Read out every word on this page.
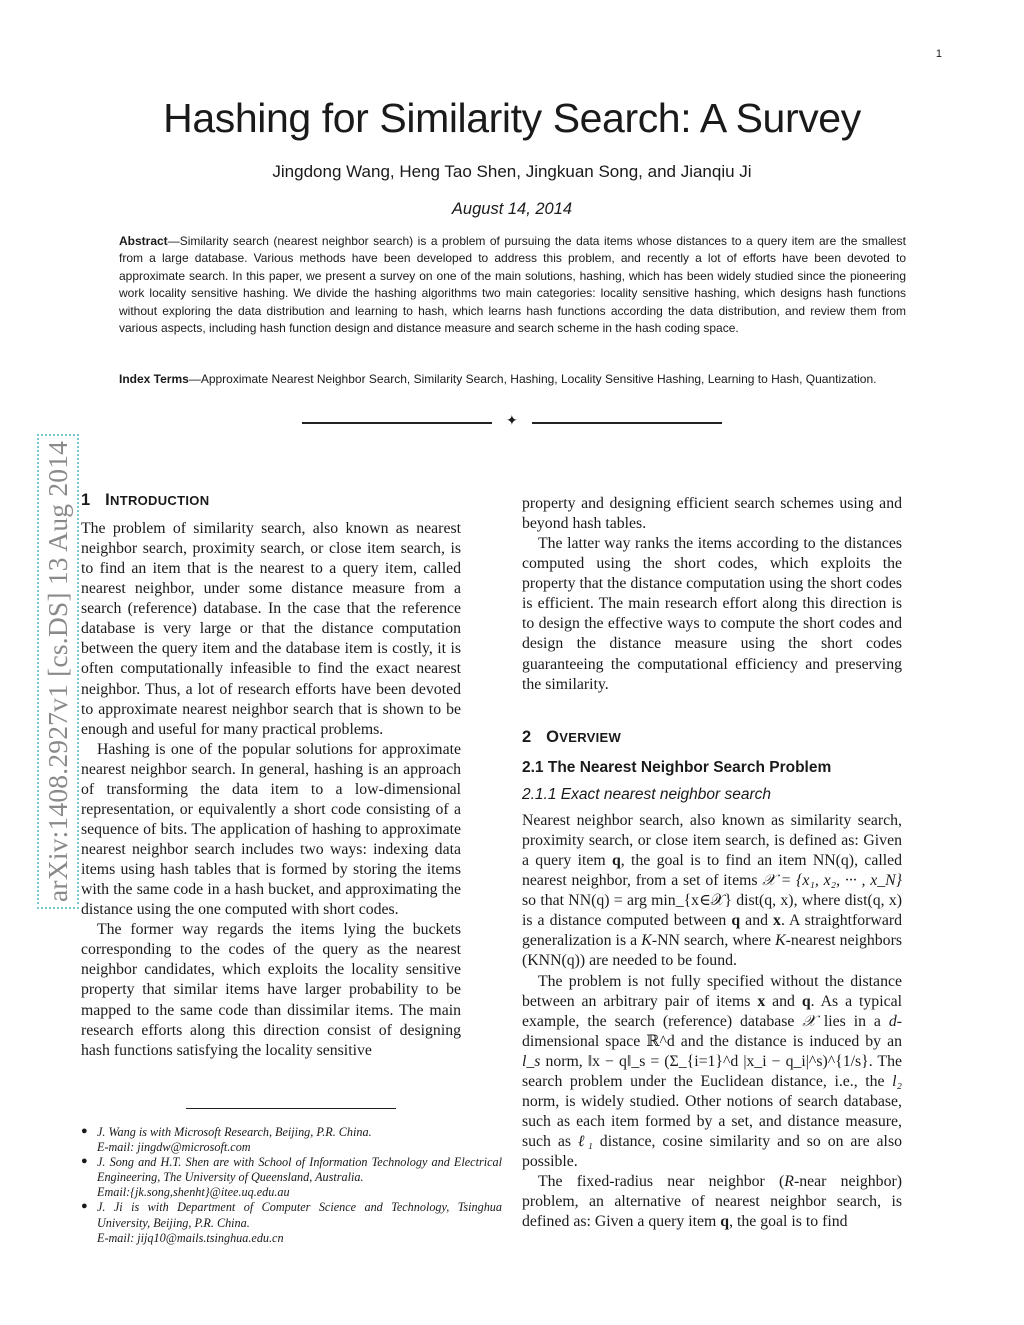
1
arXiv:1408.2927v1 [cs.DS] 13 Aug 2014
Hashing for Similarity Search: A Survey
Jingdong Wang, Heng Tao Shen, Jingkuan Song, and Jianqiu Ji
August 14, 2014
Abstract—Similarity search (nearest neighbor search) is a problem of pursuing the data items whose distances to a query item are the smallest from a large database. Various methods have been developed to address this problem, and recently a lot of efforts have been devoted to approximate search. In this paper, we present a survey on one of the main solutions, hashing, which has been widely studied since the pioneering work locality sensitive hashing. We divide the hashing algorithms two main categories: locality sensitive hashing, which designs hash functions without exploring the data distribution and learning to hash, which learns hash functions according the data distribution, and review them from various aspects, including hash function design and distance measure and search scheme in the hash coding space.
Index Terms—Approximate Nearest Neighbor Search, Similarity Search, Hashing, Locality Sensitive Hashing, Learning to Hash, Quantization.
✦
1 INTRODUCTION

The problem of similarity search, also known as nearest neighbor search, proximity search, or close item search, is to find an item that is the nearest to a query item, called nearest neighbor, under some distance measure from a search (reference) database. In the case that the reference database is very large or that the distance computation between the query item and the database item is costly, it is often computationally infeasible to find the exact nearest neighbor. Thus, a lot of research efforts have been devoted to approximate nearest neighbor search that is shown to be enough and useful for many practical problems.

Hashing is one of the popular solutions for approximate nearest neighbor search. In general, hashing is an approach of transforming the data item to a low-dimensional representation, or equivalently a short code consisting of a sequence of bits. The application of hashing to approximate nearest neighbor search includes two ways: indexing data items using hash tables that is formed by storing the items with the same code in a hash bucket, and approximating the distance using the one computed with short codes.

The former way regards the items lying the buckets corresponding to the codes of the query as the nearest neighbor candidates, which exploits the locality sensitive property that similar items have larger probability to be mapped to the same code than dissimilar items. The main research efforts along this direction consist of designing hash functions satisfying the locality sensitive

property and designing efficient search schemes using and beyond hash tables.

The latter way ranks the items according to the distances computed using the short codes, which exploits the property that the distance computation using the short codes is efficient. The main research effort along this direction is to design the effective ways to compute the short codes and design the distance measure using the short codes guaranteeing the computational efficiency and preserving the similarity.

2 OVERVIEW
2.1 The Nearest Neighbor Search Problem
2.1.1 Exact nearest neighbor search

Nearest neighbor search, also known as similarity search, proximity search, or close item search, is defined as: Given a query item q, the goal is to find an item NN(q), called nearest neighbor, from a set of items 𝒳 = {x₁, x₂, ··· , x_N} so that NN(q) = arg min_{x∈𝒳} dist(q, x), where dist(q, x) is a distance computed between q and x. A straightforward generalization is a K-NN search, where K-nearest neighbors (KNN(q)) are needed to be found.

The problem is not fully specified without the distance between an arbitrary pair of items x and q. As a typical example, the search (reference) database 𝒳 lies in a d-dimensional space ℝ^d and the distance is induced by an l_s norm, ‖x − q‖_s = (Σ_{i=1}^d |x_i − q_i|^s)^{1/s}. The search problem under the Euclidean distance, i.e., the l₂ norm, is widely studied. Other notions of search database, such as each item formed by a set, and distance measure, such as ℓ₁ distance, cosine similarity and so on are also possible.

The fixed-radius near neighbor (R-near neighbor) problem, an alternative of nearest neighbor search, is defined as: Given a query item q, the goal is to find

● J. Wang is with Microsoft Research, Beijing, P.R. China.
E-mail: jingdw@microsoft.com
● J. Song and H.T. Shen are with School of Information Technology and Electrical Engineering, The University of Queensland, Australia.
Email:{jk.song,shenht}@itee.uq.edu.au
● J. Ji is with Department of Computer Science and Technology, Tsinghua University, Beijing, P.R. China.
E-mail: jijq10@mails.tsinghua.edu.cn
